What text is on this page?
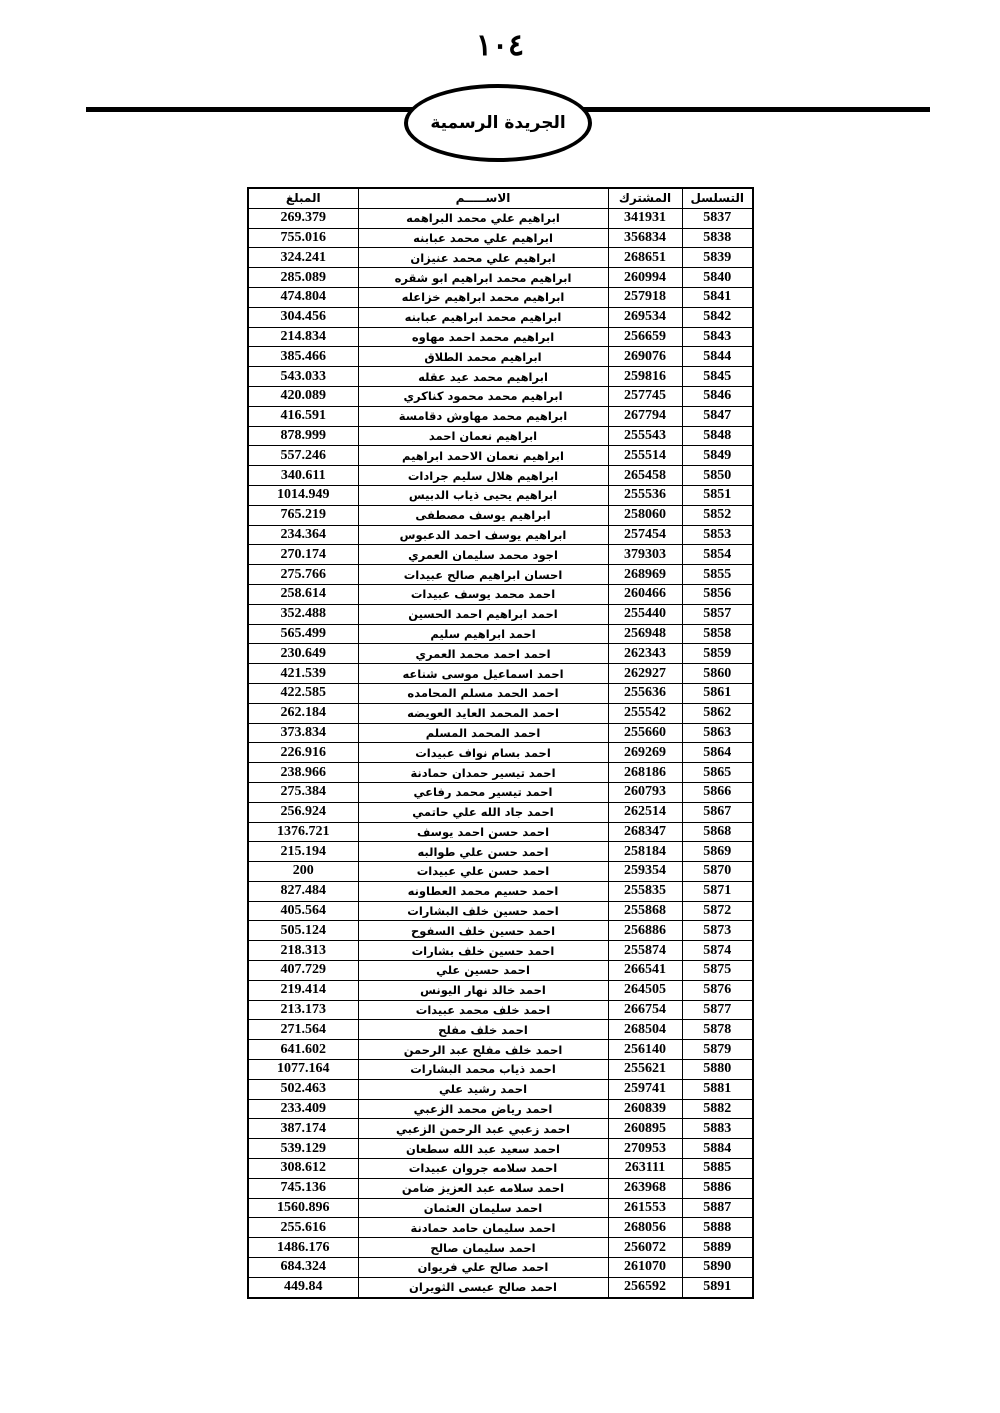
١٠٤
الجريدة الرسمية
التسلسل	المشترك	الاســـــم	المبلغ
5837	341931	ابراهيم علي محمد البراهمه	269.379
5838	356834	ابراهيم علي محمد عبابنه	755.016
5839	268651	ابراهيم علي محمد عنيزان	324.241
5840	260994	ابراهيم محمد ابراهيم ابو شقره	285.089
5841	257918	ابراهيم محمد ابراهيم خزاعله	474.804
5842	269534	ابراهيم محمد ابراهيم عبابنه	304.456
5843	256659	ابراهيم محمد احمد مهاوه	214.834
5844	269076	ابراهيم محمد الطلاق	385.466
5845	259816	ابراهيم محمد عيد عقله	543.033
5846	257745	ابراهيم محمد محمود كناكري	420.089
5847	267794	ابراهيم محمد مهاوش دقامسة	416.591
5848	255543	ابراهيم نعمان احمد	878.999
5849	255514	ابراهيم نعمان الاحمد ابراهيم	557.246
5850	265458	ابراهيم هلال سليم جرادات	340.611
5851	255536	ابراهيم يحيى ذياب الدبيس	1014.949
5852	258060	ابراهيم يوسف مصطفى	765.219
5853	257454	ابراهيم يوسف احمد الدعبوس	234.364
5854	379303	اجود محمد سليمان العمري	270.174
5855	268969	احسان ابراهيم صالح عبيدات	275.766
5856	260466	احمد محمد يوسف عبيدات	258.614
5857	255440	احمد ابراهيم احمد الحسين	352.488
5858	256948	احمد ابراهيم سليم	565.499
5859	262343	احمد احمد محمد العمري	230.649
5860	262927	احمد اسماعيل موسى شناعه	421.539
5861	255636	احمد الحمد مسلم المحامده	422.585
5862	255542	احمد المحمد العايد العويضه	262.184
5863	255660	احمد المحمد المسلم	373.834
5864	269269	احمد بسام نواف عبيدات	226.916
5865	268186	احمد تيسير حمدان حمادنة	238.966
5866	260793	احمد تيسير محمد رفاعي	275.384
5867	262514	احمد جاد الله علي حاتمي	256.924
5868	268347	احمد حسن احمد يوسف	1376.721
5869	258184	احمد حسن علي طوالبه	215.194
5870	259354	احمد حسن علي عبيدات	200
5871	255835	احمد حسيم محمد العطاونه	827.484
5872	255868	احمد حسين خلف البشارات	405.564
5873	256886	احمد حسين خلف السفوح	505.124
5874	255874	احمد حسين خلف بشارات	218.313
5875	266541	احمد حسين علي	407.729
5876	264505	احمد خالد نهار اليونس	219.414
5877	266754	احمد خلف محمد عبيدات	213.173
5878	268504	احمد خلف مفلح	271.564
5879	256140	احمد خلف مفلح عبد الرحمن	641.602
5880	255621	احمد ذياب محمد البشارات	1077.164
5881	259741	احمد رشيد علي	502.463
5882	260839	احمد رياض محمد الزعبي	233.409
5883	260895	احمد زعبي عبد الرحمن الزعبي	387.174
5884	270953	احمد سعيد عبد الله سطعان	539.129
5885	263111	احمد سلامه جروان عبيدات	308.612
5886	263968	احمد سلامه عبد العزيز ضامن	745.136
5887	261553	احمد سليمان العثمان	1560.896
5888	268056	احمد سليمان حامد حمادنة	255.616
5889	256072	احمد سليمان صالح	1486.176
5890	261070	احمد صالح علي فريوان	684.324
5891	256592	احمد صالح عيسى الثويران	449.84
